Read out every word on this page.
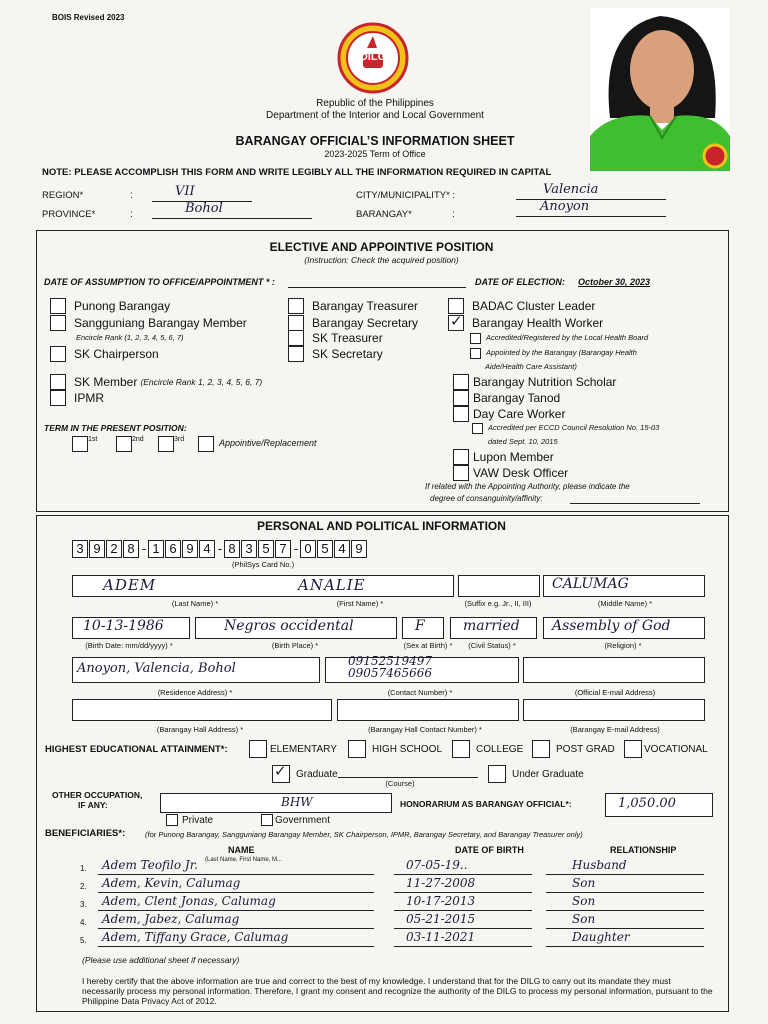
BOIS Revised 2023
DILG
Republic of the Philippines
Department of the Interior and Local Government
BARANGAY OFFICIAL’S INFORMATION SHEET
2023-2025 Term of Office
NOTE: PLEASE ACCOMPLISH THIS FORM AND WRITE LEGIBLY ALL THE INFORMATION REQUIRED IN CAPITAL
REGION*	:	VII
PROVINCE*	:	Bohol
CITY/MUNICIPALITY* :	Valencia
BARANGAY*	:
Anoyon
ELECTIVE AND APPOINTIVE POSITION
(Instruction: Check the acquired position)
DATE OF ASSUMPTION TO OFFICE/APPOINTMENT * :	DATE OF ELECTION: October 30, 2023
Punong Barangay
Sangguniang Barangay Member
Encircle Rank (1, 2, 3, 4, 5, 6, 7)
SK Chairperson
SK Member (Encircle Rank 1, 2, 3, 4, 5, 6, 7)
IPMR
Barangay Treasurer
Barangay Secretary
SK Treasurer
SK Secretary
BADAC Cluster Leader
✓Barangay Health Worker
Accredited/Registered by the Local Health Board
Appointed by the Barangay (Barangay Health
Aide/Health Care Assistant)
Barangay Nutrition Scholar
Barangay Tanod
Day Care Worker
Accredited per ECCD Council Resolution No. 15-03
dated Sept. 10, 2015
Lupon Member
VAW Desk Officer
If related with the Appointing Authority, please indicate the
degree of consanguinity/affinity:
TERM IN THE PRESENT POSITION:
$^{1st}$	$^{2nd}$	$^{3rd}$	Appointive/Replacement
PERSONAL AND POLITICAL INFORMATION
3 9 2 8 - 1 6 9 4 - 8 3 5 7 - 0 5 4 9
(PhilSys Card No.)
ADEM
(Last Name) *
ANALIE
(First Name) *	(Suffix e.g. Jr., II, III)
CALUMAG
(Middle Name) *
10-13-1986
(Birth Date: mm/dd/yyyy) *
Negros occidental
(Birth Place) *
F
(Sex at Birth) *
married
(Civil Status) *
Assembly of God
(Religion) *
Anoyon, Valencia, Bohol
(Residence Address) *
09152519497
09057465666
(Contact Number) *	(Official E-mail Address)
(Barangay Hall Address) *	(Barangay Hall Contact Number) *	(Barangay E-mail Address)
HIGHEST EDUCATIONAL ATTAINMENT*:	ELEMENTARY	HIGH SCHOOL	COLLEGE	POST GRAD	VOCATIONAL
✓Graduate
(Course)
Under Graduate
OTHER OCCUPATION,
IF ANY:	BHW
Private	Government
HONORARIUM AS BARANGAY OFFICIAL*:	1,050.00
BENEFICIARIES*:	(for Punong Barangay, Sangguniang Barangay Member, SK Chairperson, IPMR, Barangay Secretary, and Barangay Treasurer only)
NAME
(Last Name, First Name, M...
DATE OF BIRTH	RELATIONSHIP
1. Adem Teofilo Jr.	07-05-19..	Husband
2. Adem, Kevin, Calumag	11-27-2008	Son
3. Adem, Clent Jonas, Calumag	10-17-2013	Son
4. Adem, Jabez, Calumag	05-21-2015	Son
5. Adem, Tiffany Grace, Calumag	03-11-2021	Daughter
(Please use additional sheet if necessary)
I hereby certify that the above information are true and correct to the best of my knowledge. I understand that for the DILG to carry out its mandate they must necessarily process my personal information. Therefore, I grant my consent and recognize the authority of the DILG to process my personal information, pursuant to the Philippine Data Privacy Act of 2012.
